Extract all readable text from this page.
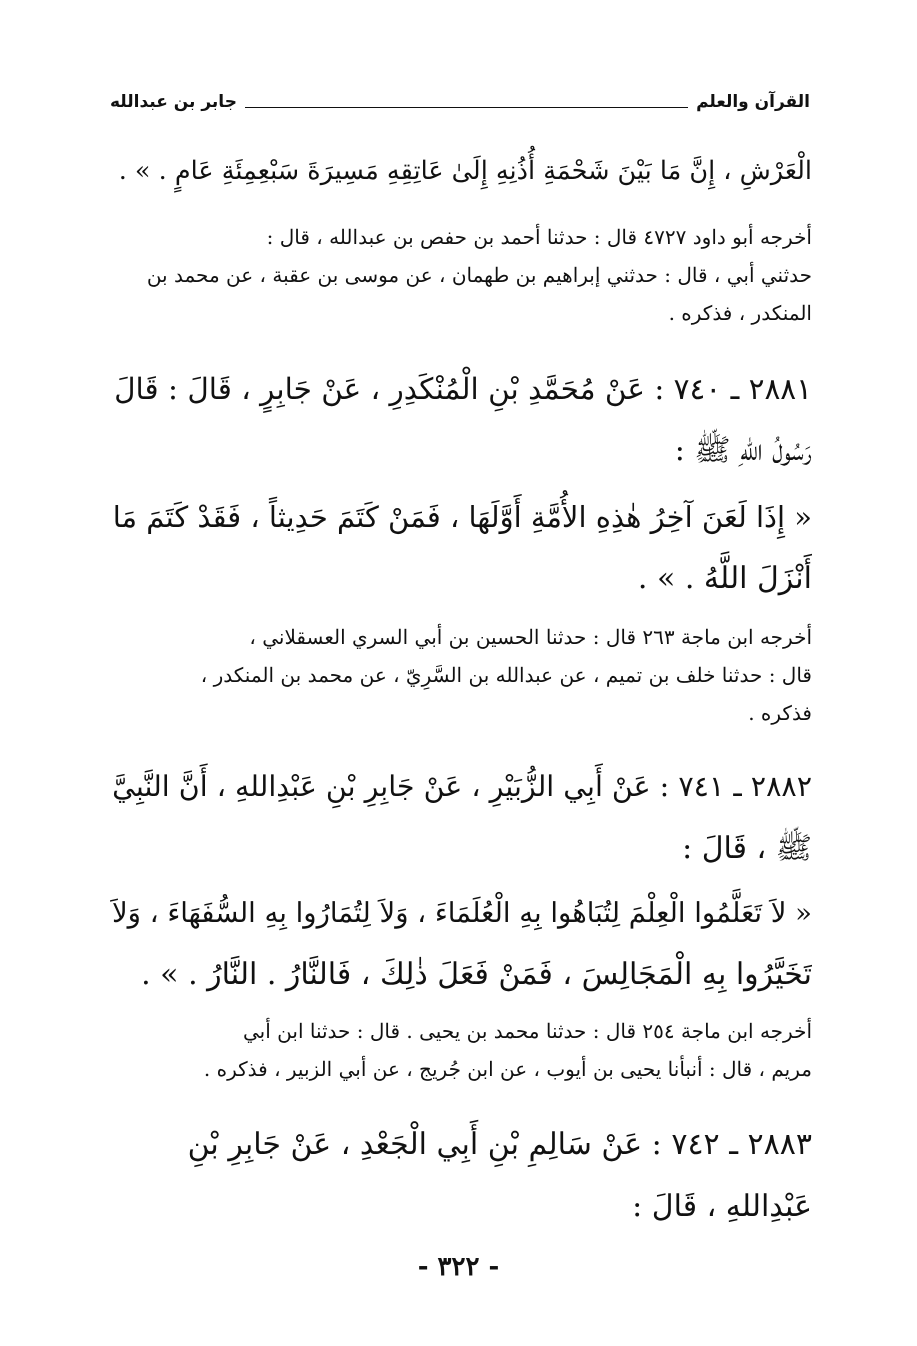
القرآن والعلم
جابر بن عبدالله
الْعَرْشِ ، إِنَّ مَا بَيْنَ شَحْمَةِ أُذُنِهِ إِلَىٰ عَاتِقِهِ مَسِيرَةَ سَبْعِمِئَةِ عَامٍ . » .
أخرجه أبو داود ٤٧٢٧ قال : حدثنا أحمد بن حفص بن عبدالله ، قال :
حدثني أبي ، قال : حدثني إبراهيم بن طهمان ، عن موسى بن عقبة ، عن محمد بن
المنكدر ، فذكره .
٢٨٨١ ـ ٧٤٠ : عَنْ مُحَمَّدِ بْنِ الْمُنْكَدِرِ ، عَنْ جَابِرٍ ، قَالَ : قَالَ
رَسُولُ اللهِ ﷺ :
« إِذَا لَعَنَ آخِرُ هٰذِهِ الأُمَّةِ أَوَّلَهَا ، فَمَنْ كَتَمَ حَدِيثاً ، فَقَدْ كَتَمَ مَا
أَنْزَلَ اللَّهُ . » .
أخرجه ابن ماجة ٢٦٣ قال : حدثنا الحسين بن أبي السري العسقلاني ،
قال : حدثنا خلف بن تميم ، عن عبدالله بن السَّرِيّ ، عن محمد بن المنكدر ،
فذكره .
٢٨٨٢ ـ ٧٤١ : عَنْ أَبِي الزُّبَيْرِ ، عَنْ جَابِرِ بْنِ عَبْدِاللهِ ، أَنَّ النَّبِيَّ
ﷺ ، قَالَ :
« لاَ تَعَلَّمُوا الْعِلْمَ لِتُبَاهُوا بِهِ الْعُلَمَاءَ ، وَلاَ لِتُمَارُوا بِهِ السُّفَهَاءَ ، وَلاَ
تَخَيَّرُوا بِهِ الْمَجَالِسَ ، فَمَنْ فَعَلَ ذٰلِكَ ، فَالنَّارُ . النَّارُ . » .
أخرجه ابن ماجة ٢٥٤ قال : حدثنا محمد بن يحيى . قال : حدثنا ابن أبي
مريم ، قال : أنبأنا يحيى بن أيوب ، عن ابن جُريج ، عن أبي الزبير ، فذكره .
٢٨٨٣ ـ ٧٤٢ : عَنْ سَالِمِ بْنِ أَبِي الْجَعْدِ ، عَنْ جَابِرِ بْنِ
عَبْدِاللهِ ، قَالَ :
- ٣٢٢ -
